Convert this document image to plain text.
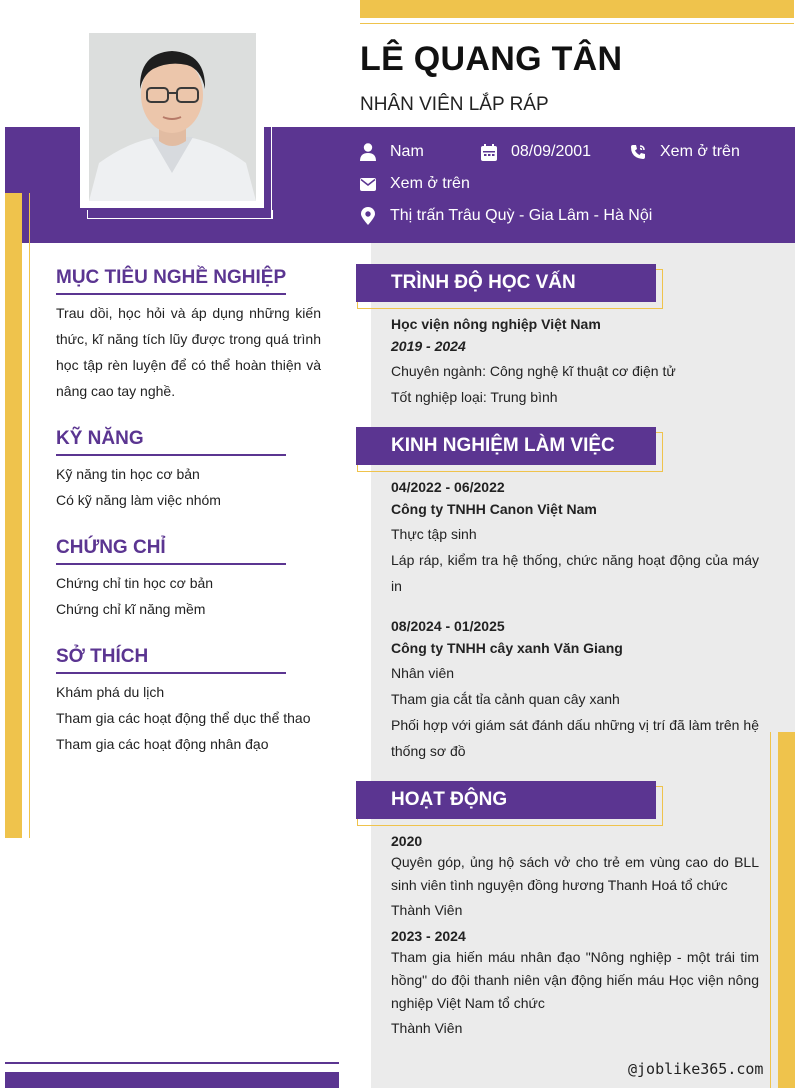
LÊ QUANG TÂN
NHÂN VIÊN LẮP RÁP
Nam	08/09/2001	Xem ở trên
Xem ở trên
Thị trấn Trâu Quỳ - Gia Lâm - Hà Nội
MỤC TIÊU NGHỀ NGHIỆP
Trau dồi, học hỏi và áp dụng những kiến thức, kĩ năng tích lũy được trong quá trình học tập rèn luyện để có thể hoàn thiện và nâng cao tay nghề.
KỸ NĂNG
Kỹ năng tin học cơ bản
Có kỹ năng làm việc nhóm
CHỨNG CHỈ
Chứng chỉ tin học cơ bản
Chứng chỉ kĩ năng mềm
SỞ THÍCH
Khám phá du lịch
Tham gia các hoạt động thể dục thể thao
Tham gia các hoạt động nhân đạo
TRÌNH ĐỘ HỌC VẤN
Học viện nông nghiệp Việt Nam
2019 - 2024
Chuyên ngành: Công nghệ kĩ thuật cơ điện tử
Tốt nghiệp loại: Trung bình
KINH NGHIỆM LÀM VIỆC
04/2022 - 06/2022
Công ty TNHH Canon Việt Nam
Thực tập sinh
Láp ráp, kiểm tra hệ thống, chức năng hoạt động của máy in
08/2024 - 01/2025
Công ty TNHH cây xanh Văn Giang
Nhân viên
Tham gia cắt tỉa cảnh quan cây xanh
Phối hợp với giám sát đánh dấu những vị trí đã làm trên hệ thống sơ đồ
HOẠT ĐỘNG
2020
Quyên góp, ủng hộ sách vở cho trẻ em vùng cao do BLL sinh viên tình nguyện đồng hương Thanh Hoá tổ chức
Thành Viên
2023 - 2024
Tham gia hiến máu nhân đạo "Nông nghiệp - một trái tim hồng" do đội thanh niên vận động hiến máu Học viện nông nghiệp Việt Nam tổ chức
Thành Viên
@joblike365.com
